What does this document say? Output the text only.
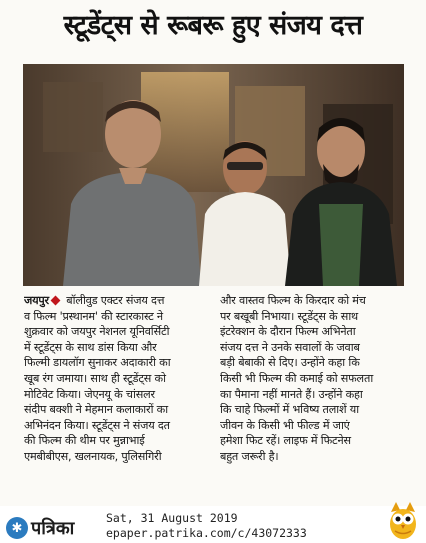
स्टूडेंट्स से रूबरू हुए संजय दत्त
जयपुर बॉलीवुड एक्टर संजय दत्त
व फिल्म 'प्रस्थानम' की स्टारकास्ट ने
शुक्रवार को जयपुर नेशनल यूनिवर्सिटी
में स्टूडेंट्स के साथ डांस किया और
फिल्मी डायलॉग सुनाकर अदाकारी का
खूब रंग जमाया। साथ ही स्टूडेंट्स को
मोटिवेट किया। जेएनयू के चांसलर
संदीप बक्शी ने मेहमान कलाकारों का
अभिनंदन किया। स्टूडेंट्स ने संजय दत
की फिल्म की थीम पर मुन्नाभाई
एमबीबीएस, खलनायक, पुलिसगिरी
और वास्तव फिल्म के किरदार को मंच
पर बखूबी निभाया। स्टूडेंट्स के साथ
इंटरेक्शन के दौरान फिल्म अभिनेता
संजय दत्त ने उनके सवालों के जवाब
बड़ी बेबाकी से दिए। उन्होंने कहा कि
किसी भी फिल्म की कमाई को सफलता
का पैमाना नहीं मानते हैं। उन्होंने कहा
कि चाहे फिल्मों में भविष्य तलाशें या
जीवन के किसी भी फील्ड में जाएं
हमेशा फिट रहें। लाइफ में फिटनेस
बहुत जरूरी है।
✱ पत्रिका	Sat, 31 August 2019
epaper.patrika.com/c/43072333
